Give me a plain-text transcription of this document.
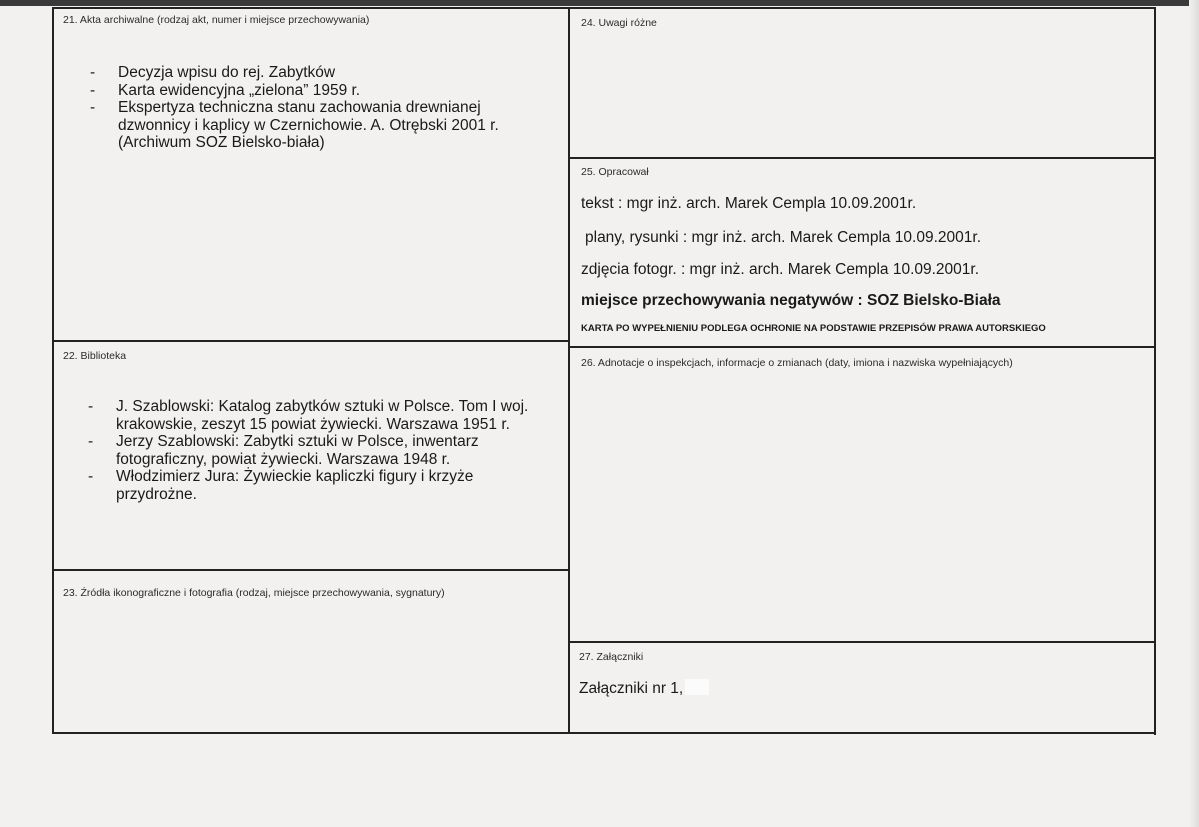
21. Akta archiwalne (rodzaj akt, numer i miejsce przechowywania)
- Decyzja wpisu do rej. Zabytków
- Karta ewidencyjna „zielona” 1959 r.
- Ekspertyza techniczna stanu zachowania drewnianej dzwonnicy i kaplicy w Czernichowie. A. Otrębski 2001 r. (Archiwum SOZ Bielsko-biała)
22. Biblioteka
- J. Szablowski: Katalog zabytków sztuki w Polsce. Tom I woj. krakowskie, zeszyt 15 powiat żywiecki. Warszawa 1951 r.
- Jerzy Szablowski: Zabytki sztuki w Polsce, inwentarz fotograficzny, powiat żywiecki. Warszawa 1948 r.
- Włodzimierz Jura: Żywieckie kapliczki figury i krzyże przydrożne.
23. Źródła ikonograficzne i fotografia (rodzaj, miejsce przechowywania, sygnatury)
24. Uwagi różne
25. Opracował
tekst : mgr inż. arch. Marek Cempla 10.09.2001r.
plany, rysunki : mgr inż. arch. Marek Cempla 10.09.2001r.
zdjęcia fotogr. : mgr inż. arch. Marek Cempla 10.09.2001r.
miejsce przechowywania negatywów : SOZ Bielsko-Biała
KARTA PO WYPEŁNIENIU PODLEGA OCHRONIE NA PODSTAWIE PRZEPISÓW PRAWA AUTORSKIEGO
26. Adnotacje o inspekcjach, informacje o zmianach (daty, imiona i nazwiska wypełniających)
27. Załączniki
Załączniki nr 1,
